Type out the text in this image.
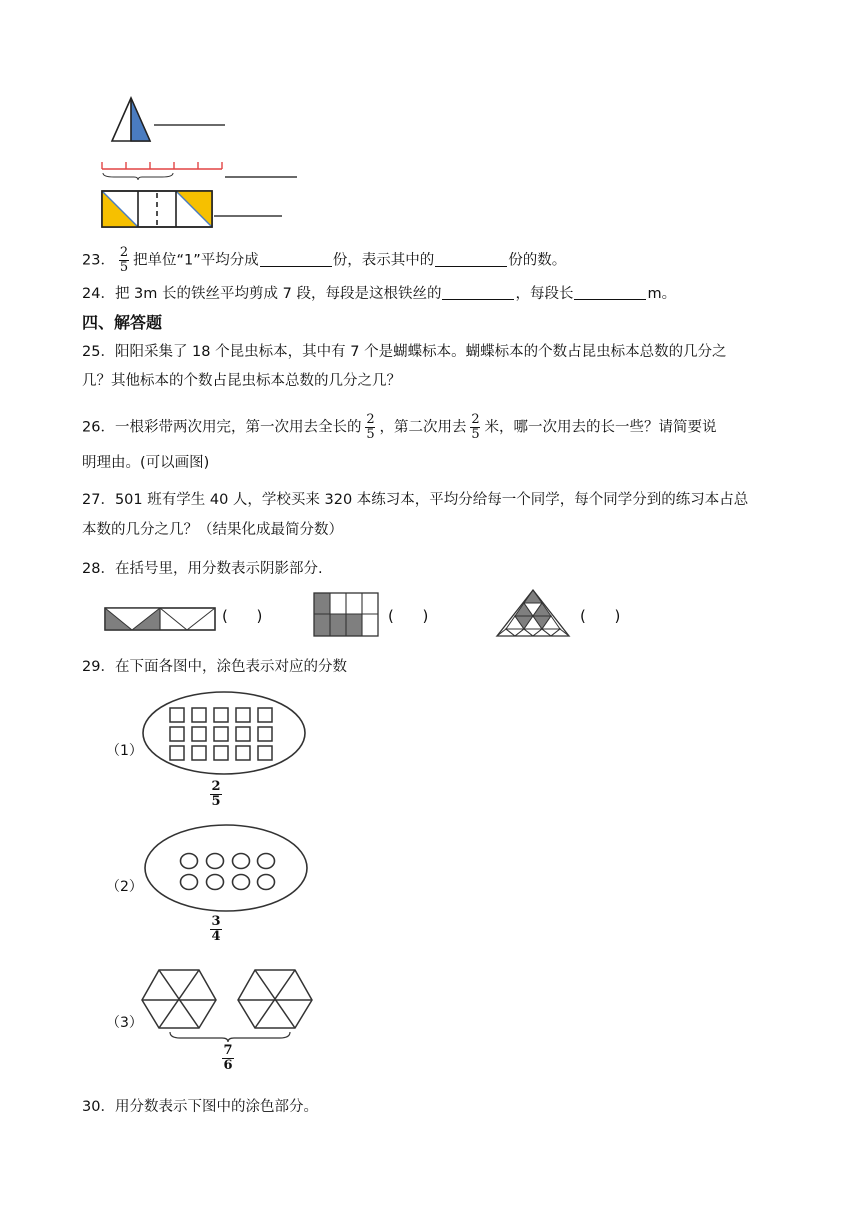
23． $\frac{2}{5}$ 把单位“1”平均分成	份，表示其中的	份的数。
24．把 3m 长的铁丝平均剪成 7 段，每段是这根铁丝的	，每段长	m。
四、解答题
25．阳阳采集了 18 个昆虫标本，其中有 7 个是蝴蝶标本。蝴蝶标本的个数占昆虫标本总数的几分之
几？其他标本的个数占昆虫标本总数的几分之几？
26．一根彩带两次用完，第一次用去全长的 $\frac{2}{5}$ ，第二次用去 $\frac{2}{5}$ 米，哪一次用去的长一些？请简要说
明理由。(可以画图)
27．501 班有学生 40 人，学校买来 320 本练习本，平均分给每一个同学，每个同学分到的练习本占总
本数的几分之几？（结果化成最简分数）
28．在括号里，用分数表示阴影部分.
(      )	(      )	(      )
29．在下面各图中，涂色表示对应的分数
（1）
2
5
（2）
3
4
（3）
7
6
30．用分数表示下图中的涂色部分。
